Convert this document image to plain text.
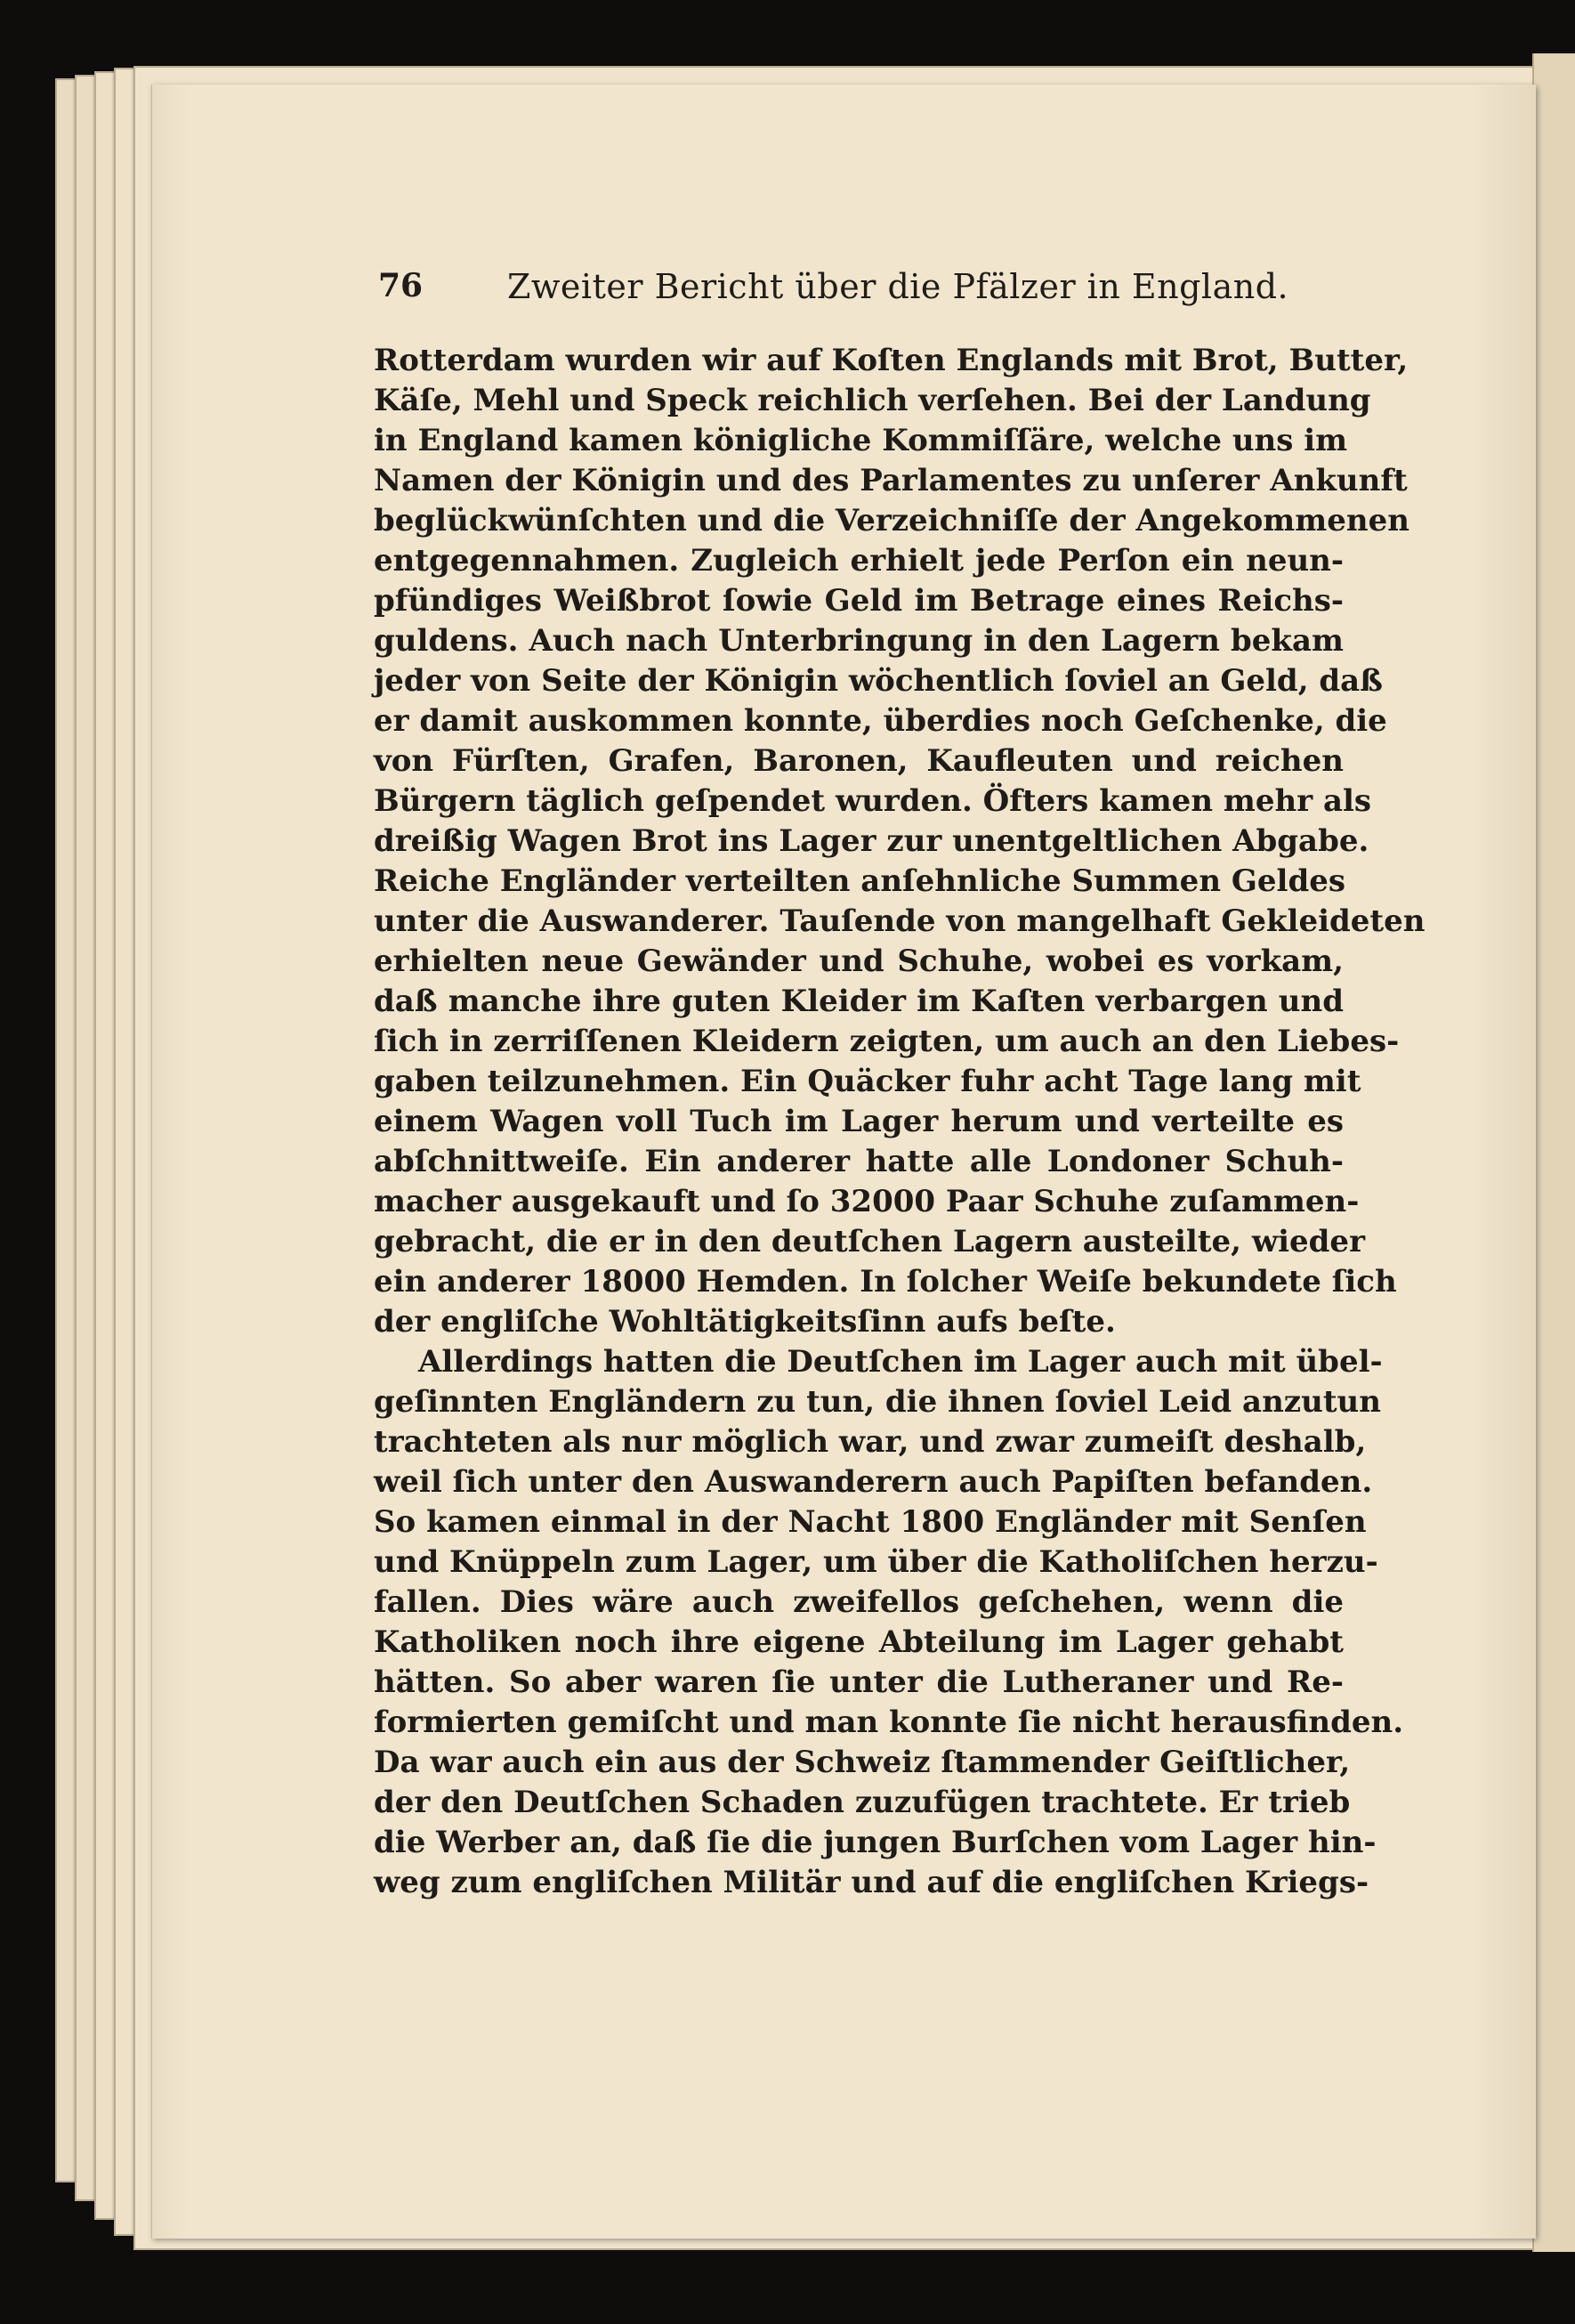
76 Zweiter Bericht über die Pfälzer in England.
Rotterdam wurden wir auf Koſten Englands mit Brot, Butter,
Käſe, Mehl und Speck reichlich verſehen. Bei der Landung
in England kamen königliche Kommiſſäre, welche uns im
Namen der Königin und des Parlamentes zu unſerer Ankunft
beglückwünſchten und die Verzeichniſſe der Angekommenen
entgegennahmen. Zugleich erhielt jede Perſon ein neun-
pfündiges Weißbrot ſowie Geld im Betrage eines Reichs-
guldens. Auch nach Unterbringung in den Lagern bekam
jeder von Seite der Königin wöchentlich ſoviel an Geld, daß
er damit auskommen konnte, überdies noch Geſchenke, die
von Fürſten, Grafen, Baronen, Kaufleuten und reichen
Bürgern täglich geſpendet wurden. Öfters kamen mehr als
dreißig Wagen Brot ins Lager zur unentgeltlichen Abgabe.
Reiche Engländer verteilten anſehnliche Summen Geldes
unter die Auswanderer. Tauſende von mangelhaft Gekleideten
erhielten neue Gewänder und Schuhe, wobei es vorkam,
daß manche ihre guten Kleider im Kaſten verbargen und
ſich in zerriſſenen Kleidern zeigten, um auch an den Liebes-
gaben teilzunehmen. Ein Quäcker fuhr acht Tage lang mit
einem Wagen voll Tuch im Lager herum und verteilte es
abſchnittweiſe. Ein anderer hatte alle Londoner Schuh-
macher ausgekauft und ſo 32000 Paar Schuhe zuſammen-
gebracht, die er in den deutſchen Lagern austeilte, wieder
ein anderer 18000 Hemden. In ſolcher Weiſe bekundete ſich
der engliſche Wohltätigkeitsſinn aufs beſte.
Allerdings hatten die Deutſchen im Lager auch mit übel-
geſinnten Engländern zu tun, die ihnen ſoviel Leid anzutun
trachteten als nur möglich war, und zwar zumeiſt deshalb,
weil ſich unter den Auswanderern auch Papiſten befanden.
So kamen einmal in der Nacht 1800 Engländer mit Senſen
und Knüppeln zum Lager, um über die Katholiſchen herzu-
fallen. Dies wäre auch zweifellos geſchehen, wenn die
Katholiken noch ihre eigene Abteilung im Lager gehabt
hätten. So aber waren ſie unter die Lutheraner und Re-
formierten gemiſcht und man konnte ſie nicht herausfinden.
Da war auch ein aus der Schweiz ſtammender Geiſtlicher,
der den Deutſchen Schaden zuzufügen trachtete. Er trieb
die Werber an, daß ſie die jungen Burſchen vom Lager hin-
weg zum engliſchen Militär und auf die engliſchen Kriegs-
